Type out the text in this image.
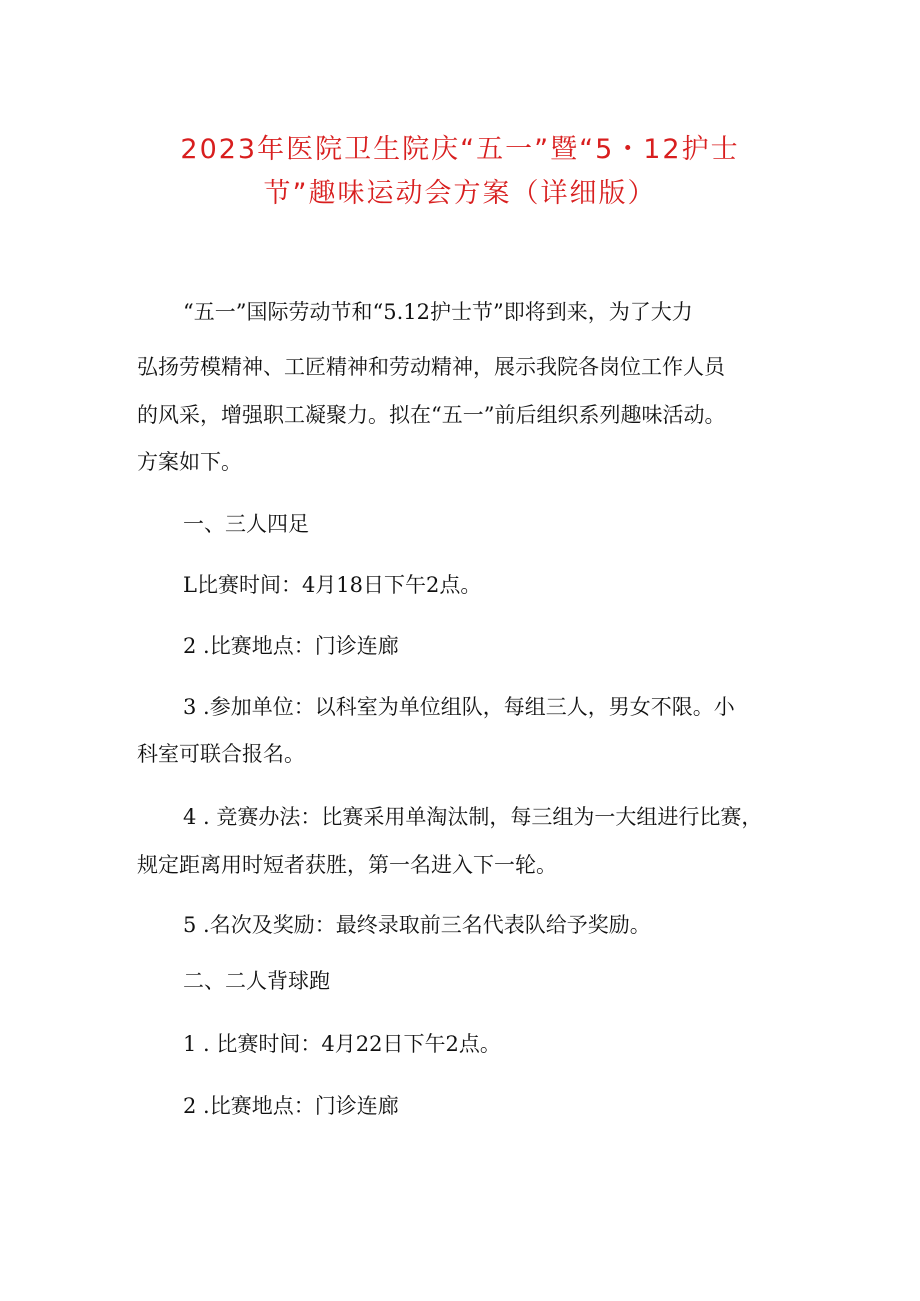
2023年医院卫生院庆“五一”暨“5・12护士
节”趣味运动会方案（详细版）

“五一”国际劳动节和“5.12护士节”即将到来，为了大力

弘扬劳模精神、工匠精神和劳动精神，展示我院各岗位工作人员

的风采，增强职工凝聚力。拟在“五一”前后组织系列趣味活动。

方案如下。

一、三人四足

L比赛时间：4月18日下午2点。

2 .比赛地点：门诊连廊

3 .参加单位：以科室为单位组队，每组三人，男女不限。小

科室可联合报名。

4 . 竞赛办法：比赛采用单淘汰制，每三组为一大组进行比赛，

规定距离用时短者获胜，第一名进入下一轮。

5 .名次及奖励：最终录取前三名代表队给予奖励。

二、二人背球跑

1 . 比赛时间：4月22日下午2点。

2 .比赛地点：门诊连廊
